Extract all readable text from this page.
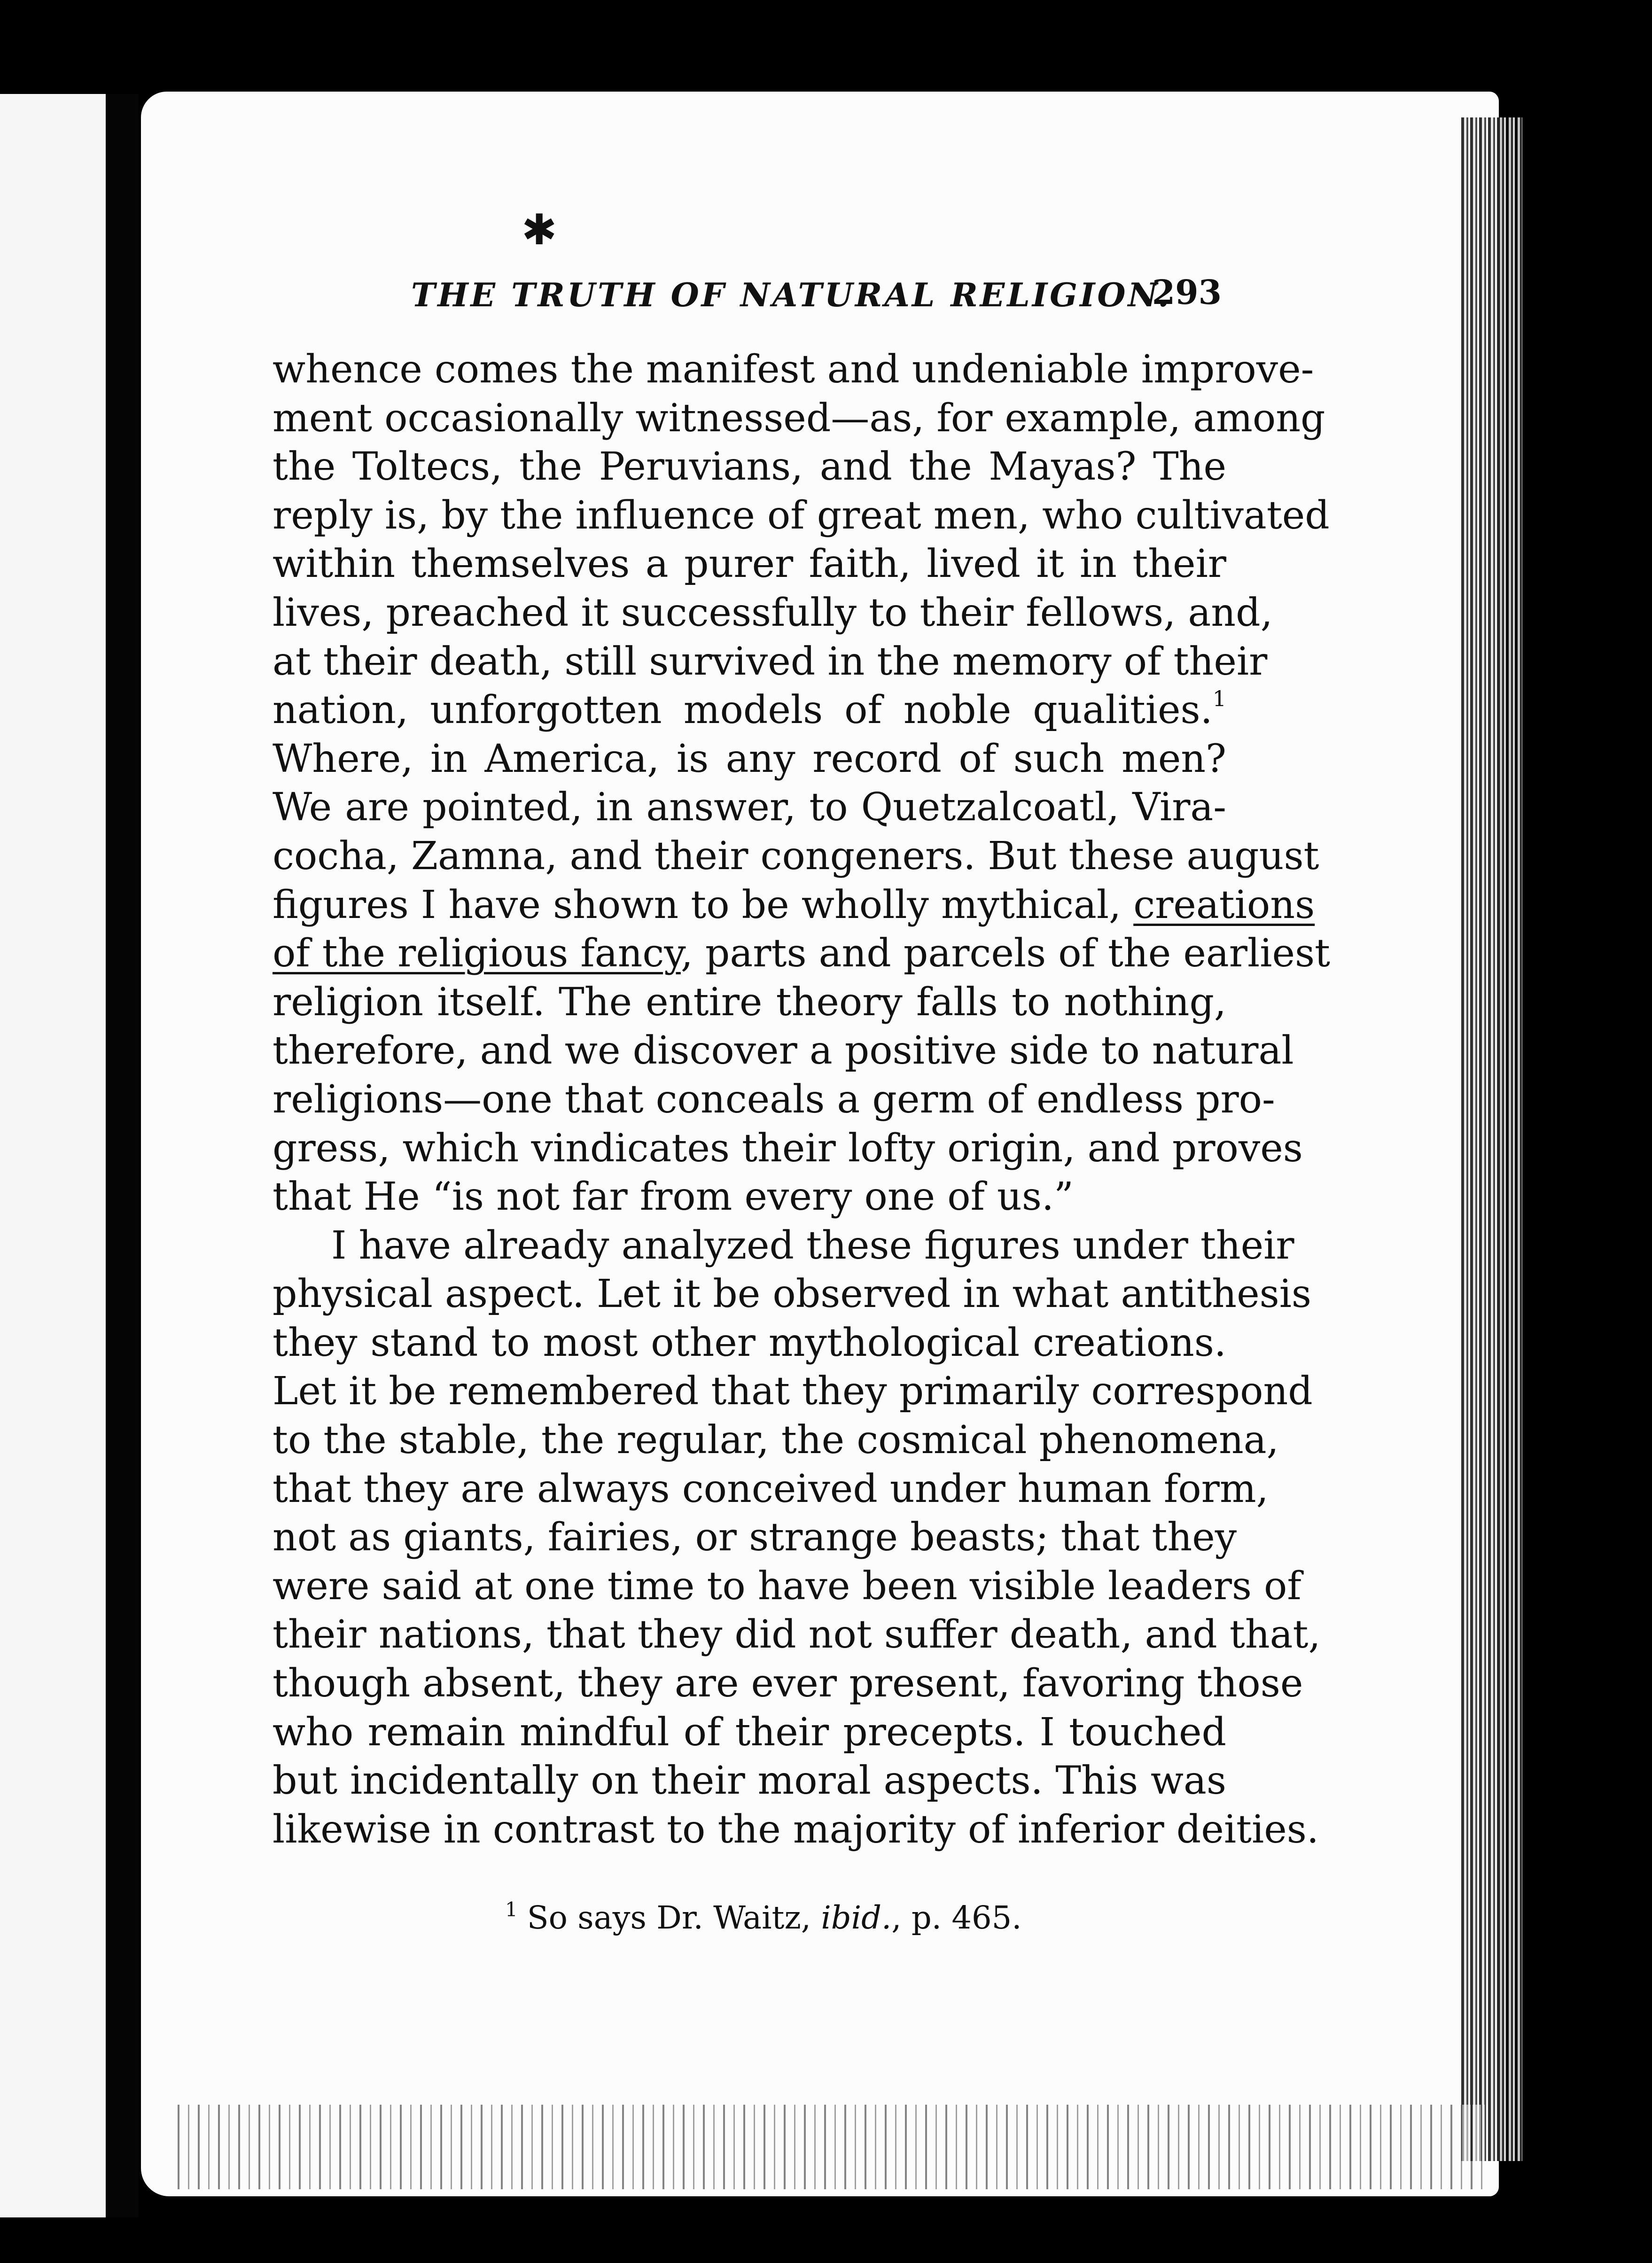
✱
THE TRUTH OF NATURAL RELIGION.
293
whence comes the manifest and undeniable improve-
ment occasionally witnessed—as, for example, among
the Toltecs, the Peruvians, and the Mayas? The
reply is, by the influence of great men, who cultivated
within themselves a purer faith, lived it in their
lives, preached it successfully to their fellows, and,
at their death, still survived in the memory of their
nation, unforgotten models of noble qualities.$^1$
Where, in America, is any record of such men?
We are pointed, in answer, to Quetzalcoatl, Vira-
cocha, Zamna, and their congeners. But these august
figures I have shown to be wholly mythical, creations
of the religious fancy, parts and parcels of the earliest
religion itself. The entire theory falls to nothing,
therefore, and we discover a positive side to natural
religions—one that conceals a germ of endless pro-
gress, which vindicates their lofty origin, and proves
that He “is not far from every one of us.”
I have already analyzed these figures under their
physical aspect. Let it be observed in what antithesis
they stand to most other mythological creations.
Let it be remembered that they primarily correspond
to the stable, the regular, the cosmical phenomena,
that they are always conceived under human form,
not as giants, fairies, or strange beasts; that they
were said at one time to have been visible leaders of
their nations, that they did not suffer death, and that,
though absent, they are ever present, favoring those
who remain mindful of their precepts. I touched
but incidentally on their moral aspects. This was
likewise in contrast to the majority of inferior deities.
$^1$ So says Dr. Waitz, ibid., p. 465.
